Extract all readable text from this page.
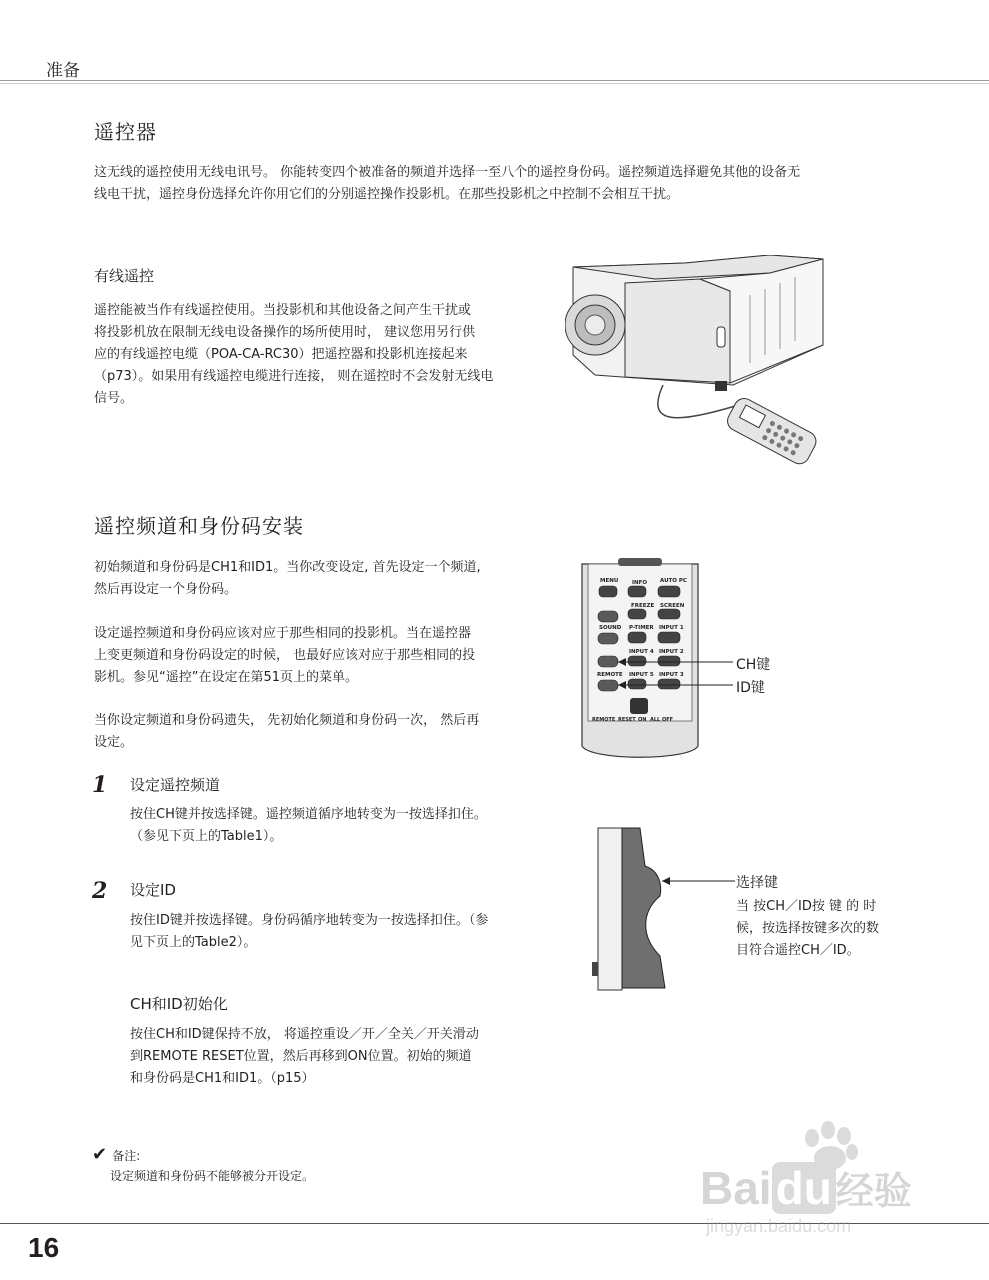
准备
遥控器
这无线的遥控使用无线电讯号。 你能转变四个被准备的频道并选择一至八个的遥控身份码。遥控频道选择避免其他的设备无
线电干扰，遥控身份选择允许你用它们的分别遥控操作投影机。在那些投影机之中控制不会相互干扰。
有线遥控
遥控能被当作有线遥控使用。当投影机和其他设备之间产生干扰或
将投影机放在限制无线电设备操作的场所使用时， 建议您用另行供
应的有线遥控电缆（POA-CA-RC30）把遥控器和投影机连接起来
（p73）。如果用有线遥控电缆进行连接， 则在遥控时不会发射无线电
信号。
遥控频道和身份码安装
初始频道和身份码是CH1和ID1。当你改变设定, 首先设定一个频道,
然后再设定一个身份码。
设定遥控频道和身份码应该对应于那些相同的投影机。当在遥控器
上变更频道和身份码设定的时候， 也最好应该对应于那些相同的投
影机。参见“遥控”在设定在第51页上的菜单。
当你设定频道和身份码遗失， 先初始化频道和身份码一次， 然后再
设定。
1 设定遥控频道
按住CH键并按选择键。遥控频道循序地转变为一按选择扣住。
（参见下页上的Table1）。
2 设定ID
按住ID键并按选择键。身份码循序地转变为一按选择扣住。（参
见下页上的Table2）。
CH和ID初始化
按住CH和ID键保持不放， 将遥控重设／开／全关／开关滑动
到REMOTE RESET位置，然后再移到ON位置。初始的频道
和身份码是CH1和ID1。（p15）
MENU INFO AUTO PC
FREEZE SCREEN
SOUND P-TIMER INPUT 1
INPUT 4 INPUT 2
REMOTE INPUT 5 INPUT 3
REMOTE RESET ON ALL OFF
CH键
ID键
选择键
当 按CH／ID按 键 的 时
候，按选择按键多次的数
目符合遥控CH／ID。
✔ 备注:
设定频道和身份码不能够被分开设定。
16
Baidu 经验
jingyan.baidu.com
